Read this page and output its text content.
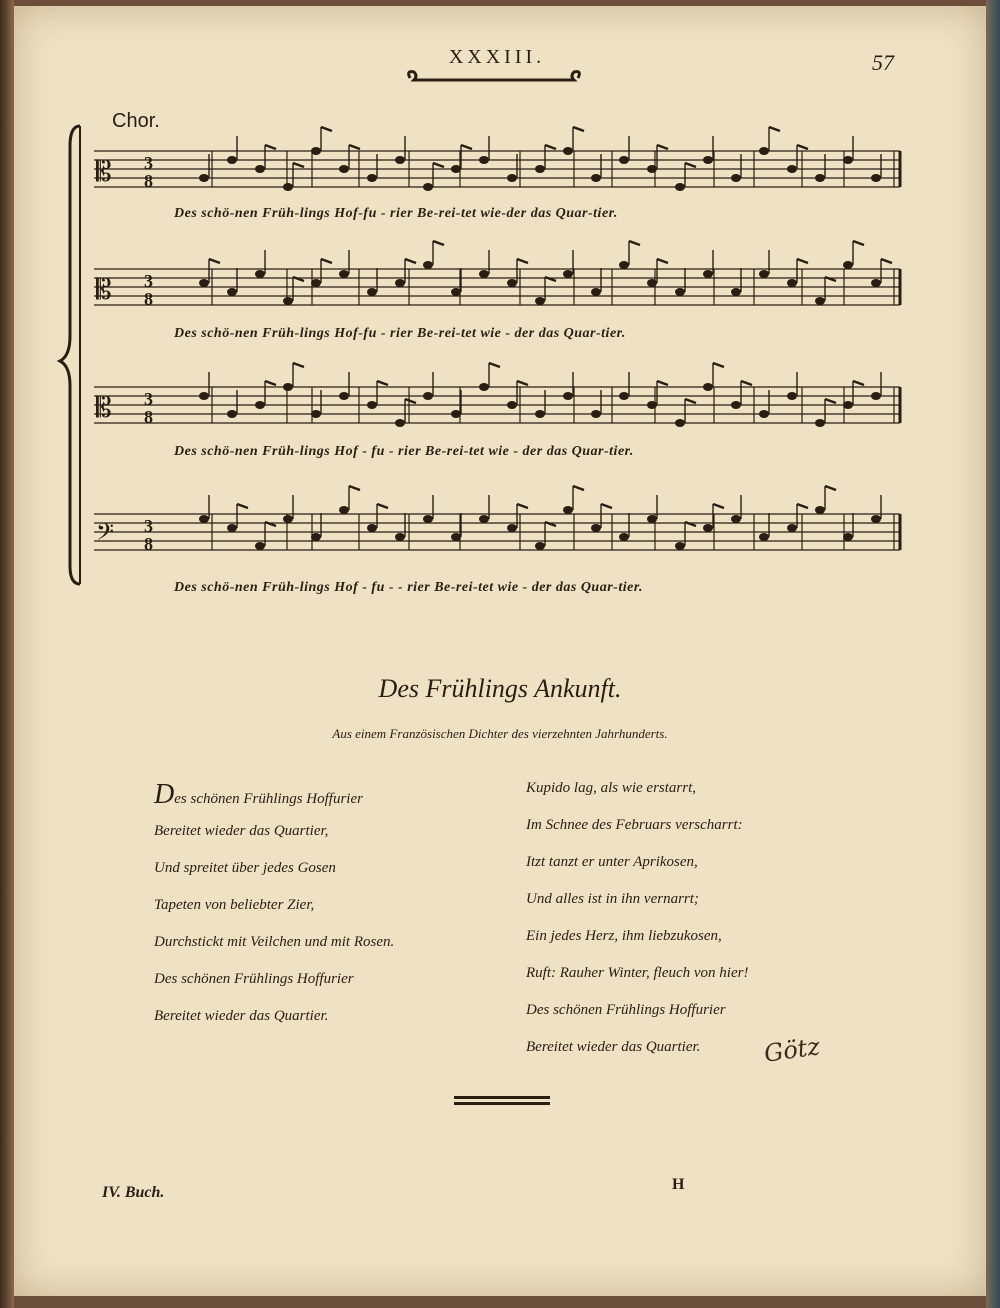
XXXIII.	57
Chor.
𝄡 3
8
𝄡 3
8
𝄡 3
8
𝄢 3
8
Des schö-nen Früh-lings Hof-fu - rier Be-rei-tet wie-der das Quar-tier.
Des schö-nen Früh-lings Hof-fu - rier Be-rei-tet wie - der das Quar-tier.
Des schö-nen Früh-lings Hof - fu - rier Be-rei-tet wie - der das Quar-tier.
Des schö-nen Früh-lings Hof - fu - - rier Be-rei-tet wie - der das Quar-tier.
Des Frühlings Ankunft.
Aus einem Französischen Dichter des vierzehnten Jahrhunderts.
Des schönen Frühlings Hoffurier
Bereitet wieder das Quartier,
Und spreitet über jedes Gosen
Tapeten von beliebter Zier,
Durchstickt mit Veilchen und mit Rosen.
Des schönen Frühlings Hoffurier
Bereitet wieder das Quartier.
Kupido lag, als wie erstarrt,
Im Schnee des Februars verscharrt:
Itzt tanzt er unter Aprikosen,
Und alles ist in ihn vernarrt;
Ein jedes Herz, ihm liebzukosen,
Ruft: Rauher Winter, fleuch von hier!
Des schönen Frühlings Hoffurier
Bereitet wieder das Quartier.	Götz
IV. Buch.	H
